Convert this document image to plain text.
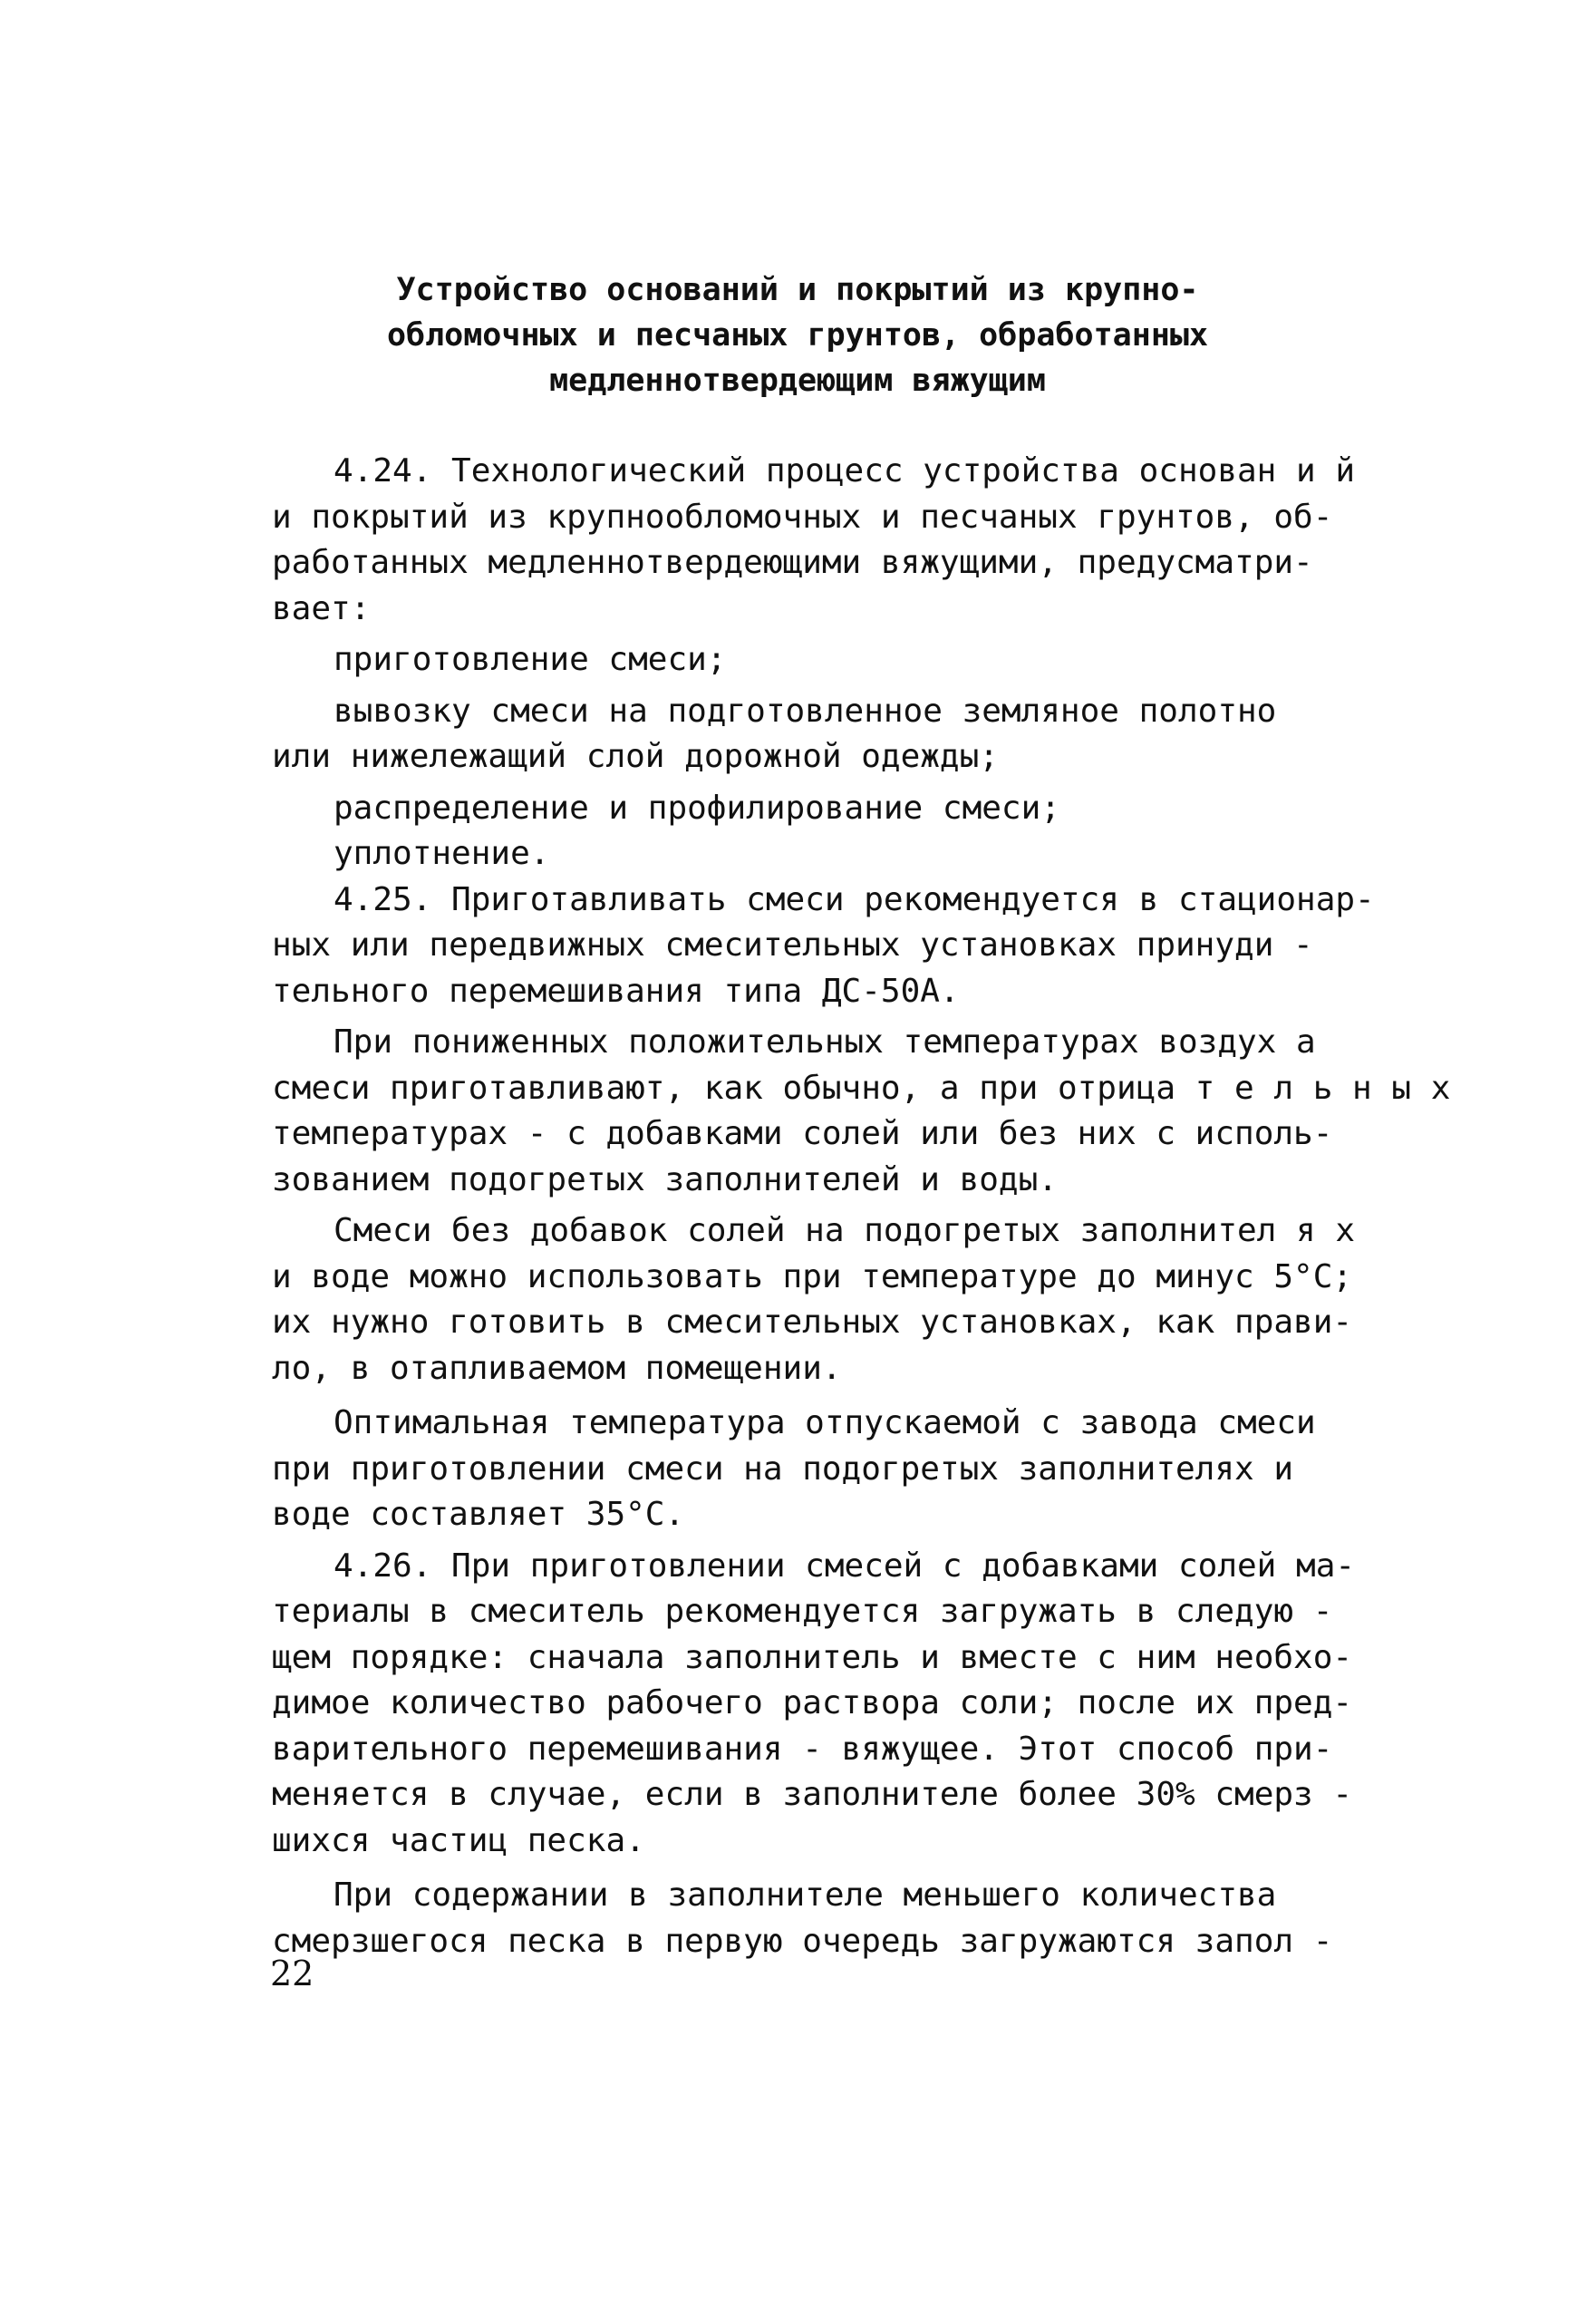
Устройство оснований и покрытий из крупно-
обломочных и песчаных грунтов, обработанных
медленнотвердеющим вяжущим
4.24. Технологический процесс устройства основан и й
и покрытий из крупнообломочных и песчаных грунтов, об-
работанных медленнотвердеющими вяжущими, предусматри-
вает:
приготовление смеси;
вывозку смеси на подготовленное земляное полотно
или нижележащий слой дорожной одежды;
распределение и профилирование смеси;
уплотнение.
4.25. Приготавливать смеси рекомендуется в стационар-
ных или передвижных смесительных установках принуди -
тельного перемешивания типа ДС-50А.
При пониженных положительных температурах воздух а
смеси приготавливают, как обычно, а при отрица т е л ь н ы х
температурах - с добавками солей или без них с исполь-
зованием подогретых заполнителей и воды.
Смеси без добавок солей на подогретых заполнител я х
и воде можно использовать при температуре до минус 5°C;
их нужно готовить в смесительных установках, как прави-
ло, в отапливаемом помещении.
Оптимальная температура отпускаемой с завода смеси
при приготовлении смеси на подогретых заполнителях и
воде составляет 35°C.
4.26. При приготовлении смесей с добавками солей ма-
териалы в смеситель рекомендуется загружать в следую -
щем порядке: сначала заполнитель и вместе с ним необхо-
димое количество рабочего раствора соли; после их пред-
варительного перемешивания - вяжущее. Этот способ при-
меняется в случае, если в заполнителе более 30% смерз -
шихся частиц песка.
При содержании в заполнителе меньшего количества
смерзшегося песка в первую очередь загружаются запол -
22
